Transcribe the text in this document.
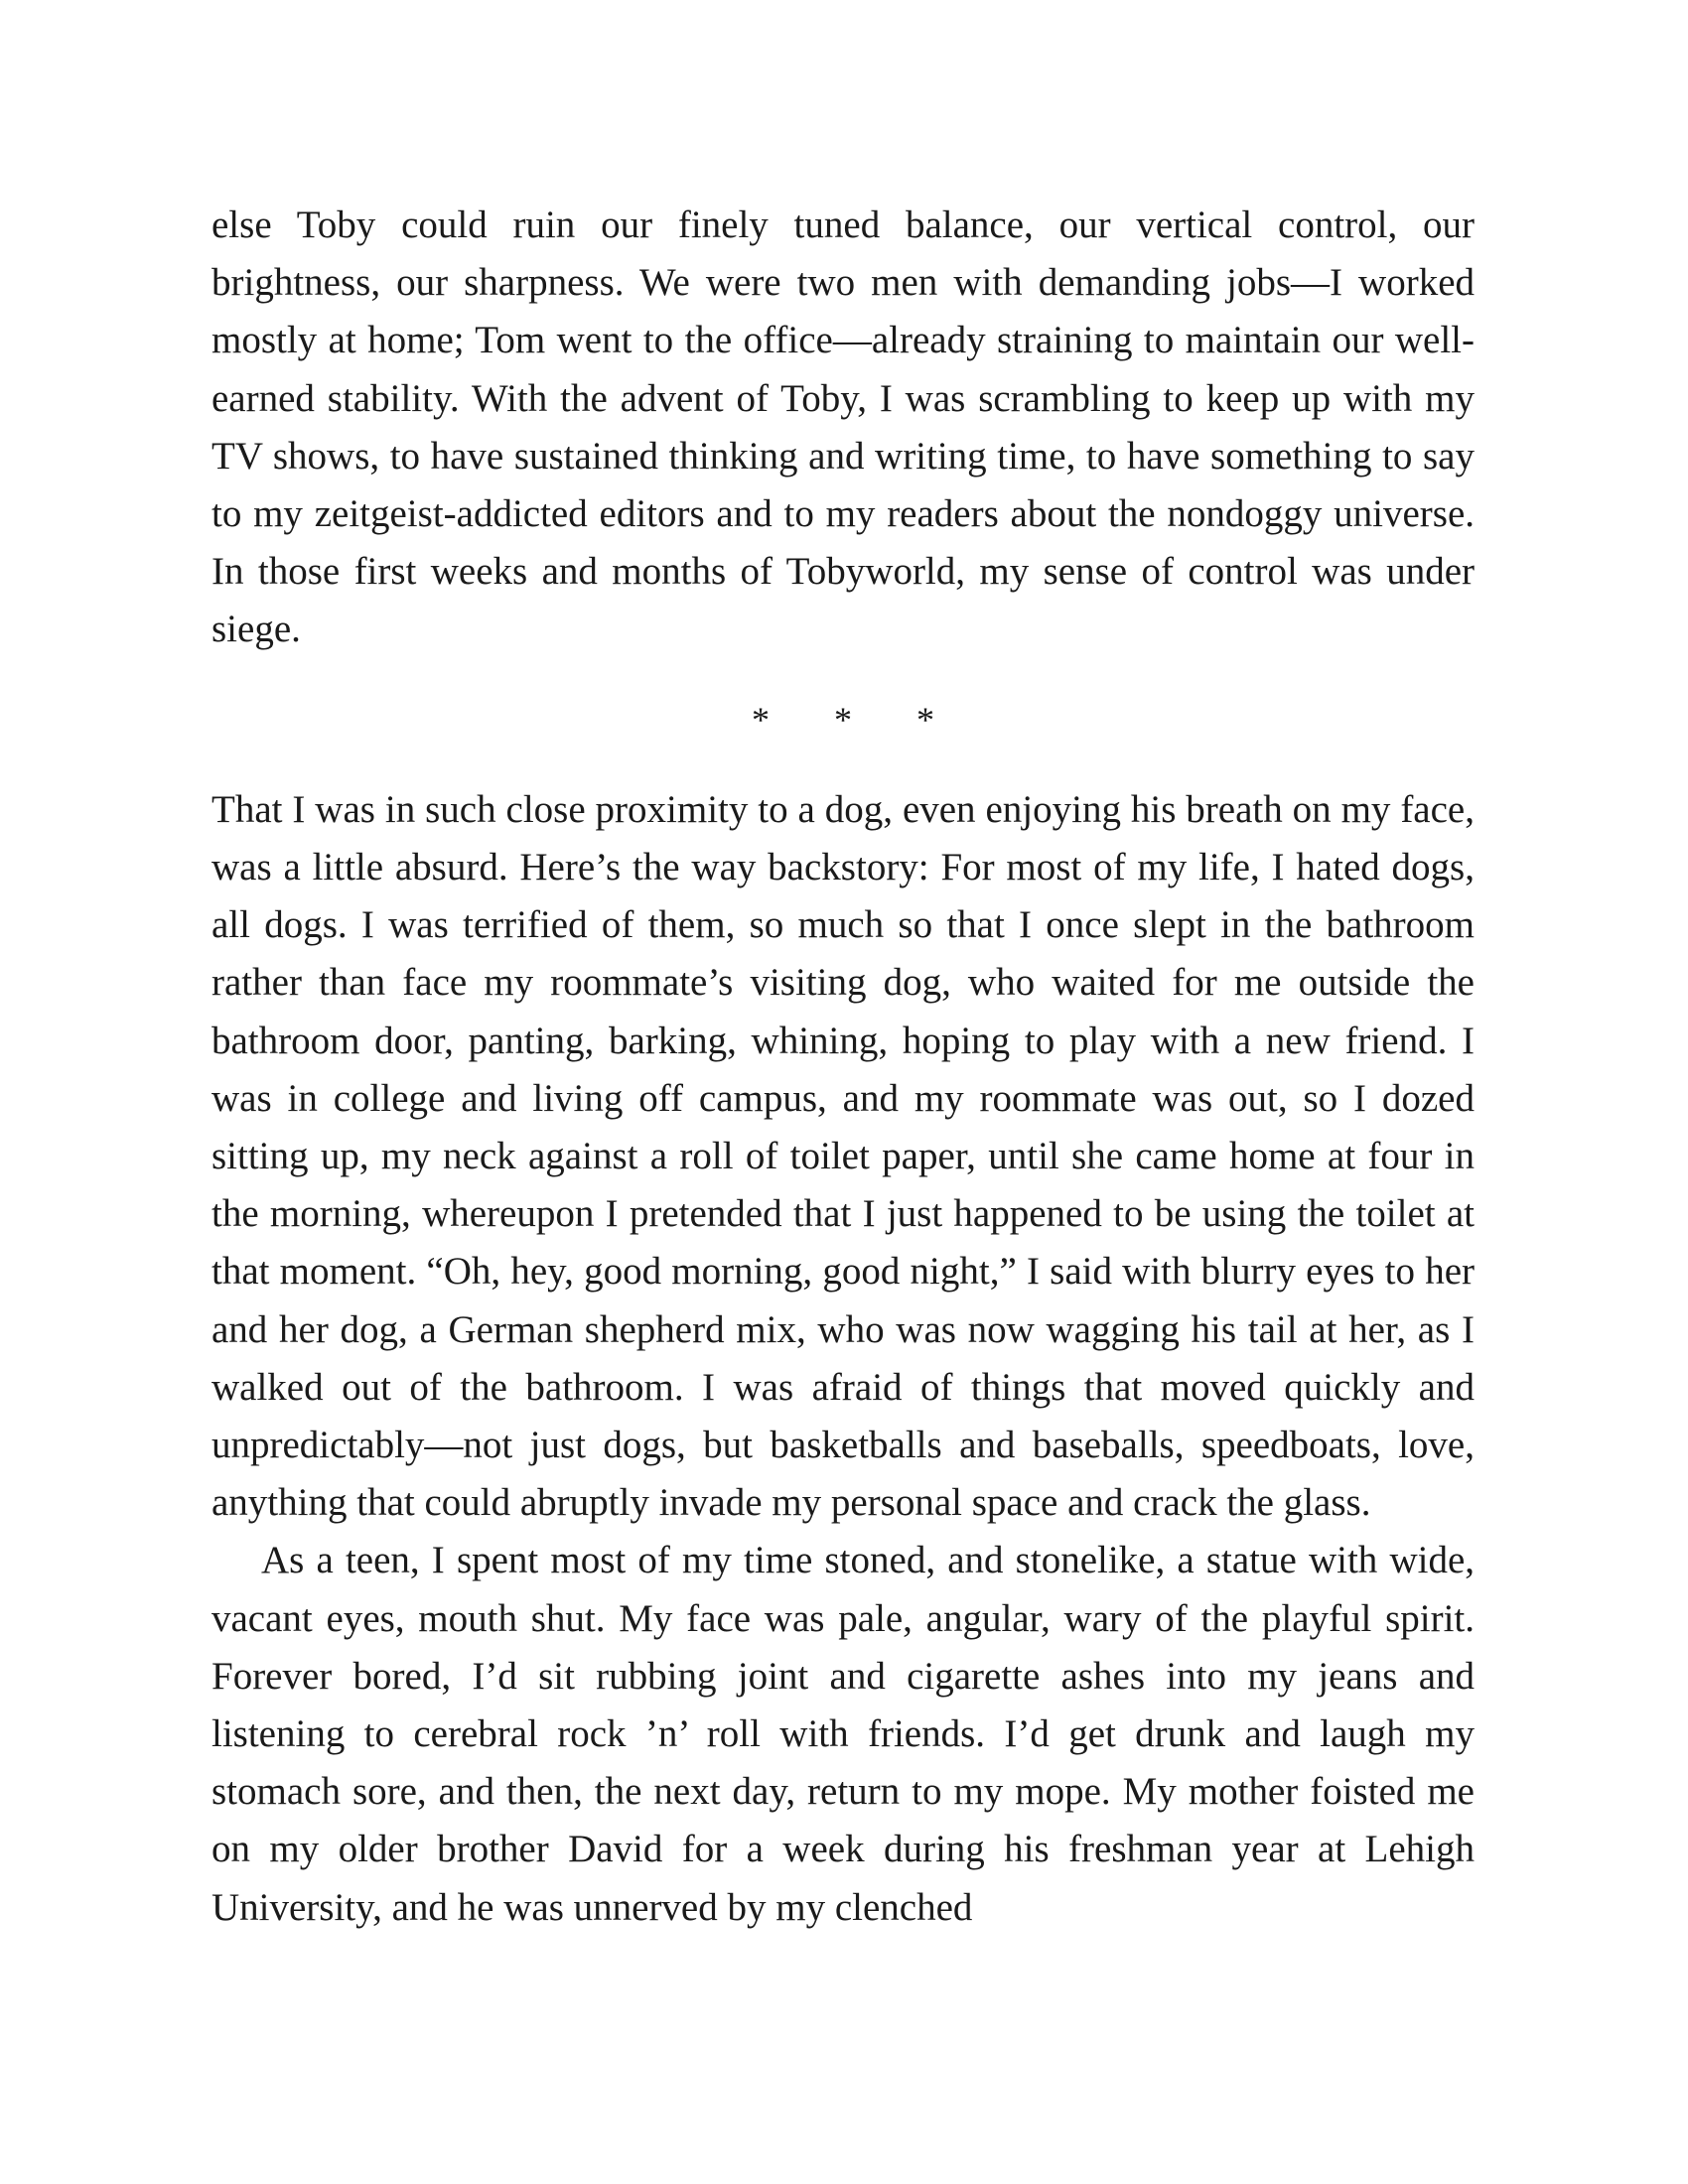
else Toby could ruin our finely tuned balance, our vertical control, our brightness, our sharpness. We were two men with demanding jobs—I worked mostly at home; Tom went to the office—already straining to maintain our well-earned stability. With the advent of Toby, I was scrambling to keep up with my TV shows, to have sustained thinking and writing time, to have something to say to my zeitgeist-addicted editors and to my readers about the nondoggy universe. In those first weeks and months of Tobyworld, my sense of control was under siege.

* * *

That I was in such close proximity to a dog, even enjoying his breath on my face, was a little absurd. Here’s the way backstory: For most of my life, I hated dogs, all dogs. I was terrified of them, so much so that I once slept in the bathroom rather than face my roommate’s visiting dog, who waited for me outside the bathroom door, panting, barking, whining, hoping to play with a new friend. I was in college and living off campus, and my roommate was out, so I dozed sitting up, my neck against a roll of toilet paper, until she came home at four in the morning, whereupon I pretended that I just happened to be using the toilet at that moment. “Oh, hey, good morning, good night,” I said with blurry eyes to her and her dog, a German shepherd mix, who was now wagging his tail at her, as I walked out of the bathroom. I was afraid of things that moved quickly and unpredictably—not just dogs, but basketballs and baseballs, speedboats, love, anything that could abruptly invade my personal space and crack the glass.

As a teen, I spent most of my time stoned, and stonelike, a statue with wide, vacant eyes, mouth shut. My face was pale, angular, wary of the playful spirit. Forever bored, I’d sit rubbing joint and cigarette ashes into my jeans and listening to cerebral rock ’n’ roll with friends. I’d get drunk and laugh my stomach sore, and then, the next day, return to my mope. My mother foisted me on my older brother David for a week during his freshman year at Lehigh University, and he was unnerved by my clenched
